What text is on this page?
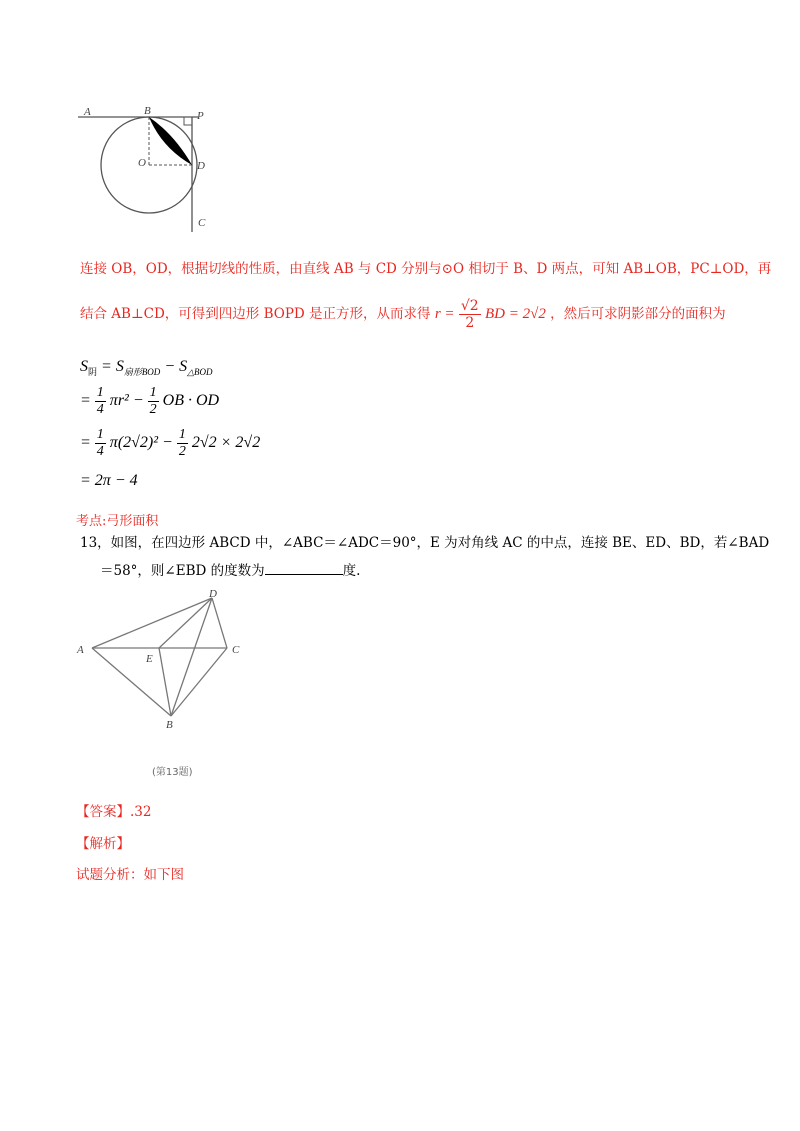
A	B	P
O	D
C
连接 OB，OD，根据切线的性质，由直线 AB 与 CD 分别与⊙O 相切于 B、D 两点，可知 AB⊥OB，PC⊥OD，再
结合 AB⊥CD，可得到四边形 BOPD 是正方形，从而求得 $r = \frac{√2}{2}$ BD = 2√2 ，然后可求阴影部分的面积为
$S_阴 = S_{扇形BOD} - S_{\triangle BOD}$
= $\frac{1}{4} \pi r^2 - \frac{1}{2}$ OB · OD
= $\frac{1}{4} \pi(2√2)^2 - \frac{1}{2} 2√2 \times 2√2$
= 2π − 4
考点:弓形面积
13，如图，在四边形 ABCD 中，∠ABC＝∠ADC＝90°，E 为对角线 AC 的中点，连接 BE、ED、BD，若∠BAD
＝58°，则∠EBD 的度数为	度.
A
D
C
E
B
(第13题)
【答案】.32
【解析】
试题分析：如下图
